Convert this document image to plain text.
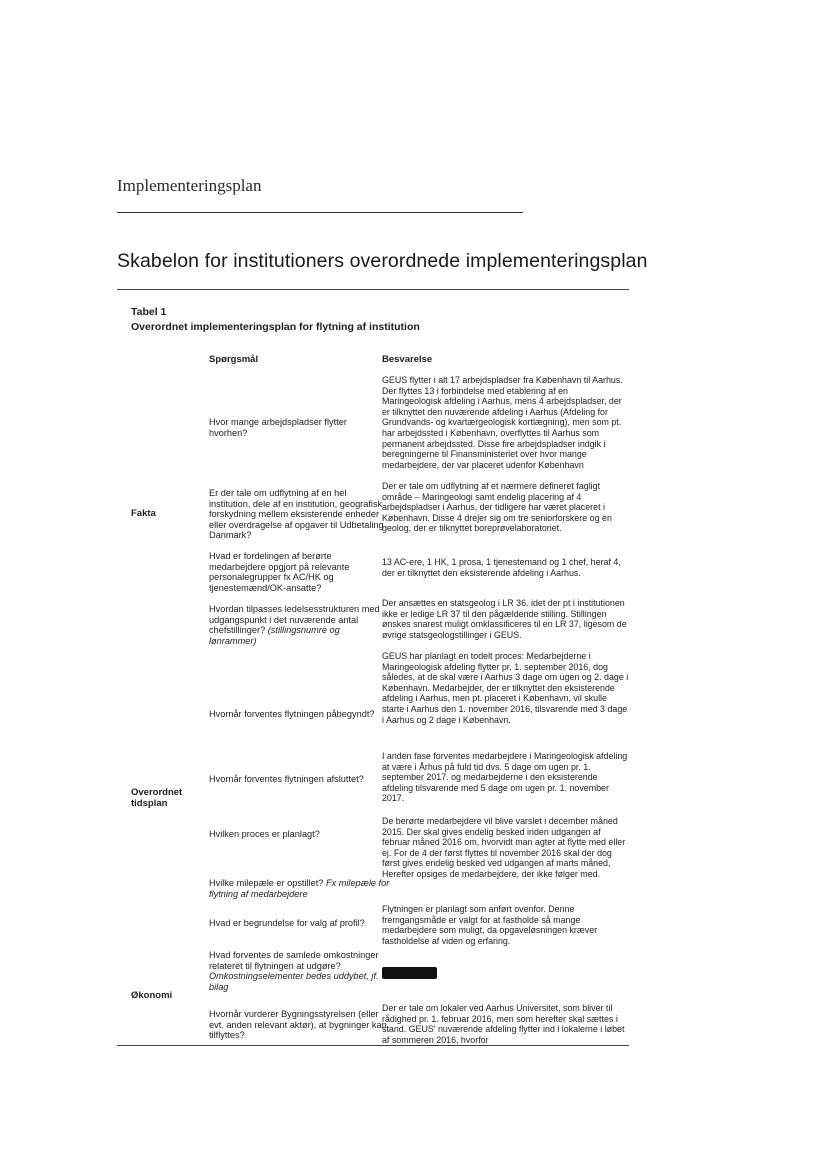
Implementeringsplan
Skabelon for institutioners overordnede implementeringsplan
Tabel 1
Overordnet implementeringsplan for flytning af institution
Spørgsmål	Besvarelse
Fakta
Overordnet tidsplan
Økonomi
Hvor mange arbejdspladser flytter hvorhen?
GEUS flytter i alt 17 arbejdspladser fra København til Aarhus. Der flyttes 13 i forbindelse med etablering af en Maringeologisk afdeling i Aarhus, mens 4 arbejdspladser, der er tilknyttet den nuværende afdeling i Aarhus (Afdeling for Grundvands- og kvartærgeologisk kortlægning), men som pt. har arbejdssted i København, overflyttes til Aarhus som permanent arbejdssted. Disse fire arbejdspladser indgik i beregningerne til Finansministeriet over hvor mange medarbejdere, der var placeret udenfor København
Er der tale om udflytning af en hel institution, dele af en institution, geografisk forskydning mellem eksisterende enheder eller overdragelse af opgaver til Udbetaling Danmark?
Der er tale om udflytning af et nærmere defineret fagligt område – Maringeologi samt endelig placering af 4 arbejdspladser i Aarhus, der tidligere har været placeret i København. Disse 4 drejer sig om tre seniorforskere og en geolog, der er tilknyttet boreprøvelaboratoriet.
Hvad er fordelingen af berørte medarbejdere opgjort på relevante personalegrupper fx AC/HK og tjenestemænd/OK-ansatte?
13 AC-ere, 1 HK, 1 prosa, 1 tjenestemand og 1 chef, heraf 4, der er tilknyttet den eksisterende afdeling i Aarhus.
Hvordan tilpasses ledelsesstrukturen med udgangspunkt i det nuværende antal chefstillinger? (stillingsnumre og lønrammer)
Der ansættes en statsgeolog i LR 36. idet der pt i institutionen ikke er ledige LR 37 til den pågældende stilling. Stillingen ønskes snarest muligt omklassificeres til en LR 37, ligesom de øvrige statsgeologstillinger i GEUS.
Hvornår forventes flytningen påbegyndt?
GEUS har planlagt en todelt proces: Medarbejderne i Maringeologisk afdeling flytter pr. 1. september 2016, dog således, at de skal være i Aarhus 3 dage om ugen og 2. dage i København. Medarbejder, der er tilknyttet den eksisterende afdeling i Aarhus, men pt. placeret i København, vil skulle starte i Aarhus den 1. november 2016, tilsvarende med 3 dage i Aarhus og 2 dage i København.
Hvornår forventes flytningen afsluttet?
I anden fase forventes medarbejdere i Maringeologisk afdeling at være i Århus på fuld tid dvs. 5 dage om ugen pr. 1. september 2017. og medarbejderne i den eksisterende afdeling tilsvarende med 5 dage om ugen pr. 1. november 2017.
Hvilken proces er planlagt?
De berørte medarbejdere vil blive varslet i december måned 2015. Der skal gives endelig besked inden udgangen af februar måned 2016 om, hvorvidt man agter at flytte med eller ej. For de 4 der først flyttes til november 2016 skal der dog først gives endelig besked ved udgangen af marts måned, Herefter opsiges de medarbejdere, der ikke følger med.
Hvilke milepæle er opstillet? Fx milepæle for flytning af medarbejdere
Hvad er begrundelse for valg af profil?
Flytningen er planlagt som anført ovenfor. Denne fremgangsmåde er valgt for at fastholde så mange medarbejdere som muligt, da opgaveløsningen kræver fastholdelse af viden og erfaring.
Hvad forventes de samlede omkostninger relateret til flytningen at udgøre?
Omkostningselementer bedes uddybet, jf. bilag
Hvornår vurderer Bygningsstyrelsen (eller evt. anden relevant aktør), at bygninger kan tilflyttes?
Der er tale om lokaler ved Aarhus Universitet, som bliver til rådighed pr. 1. februar 2016, men som herefter skal sættes i stand. GEUS' nuværende afdeling flytter ind i lokalerne i løbet af sommeren 2016, hvorfor
